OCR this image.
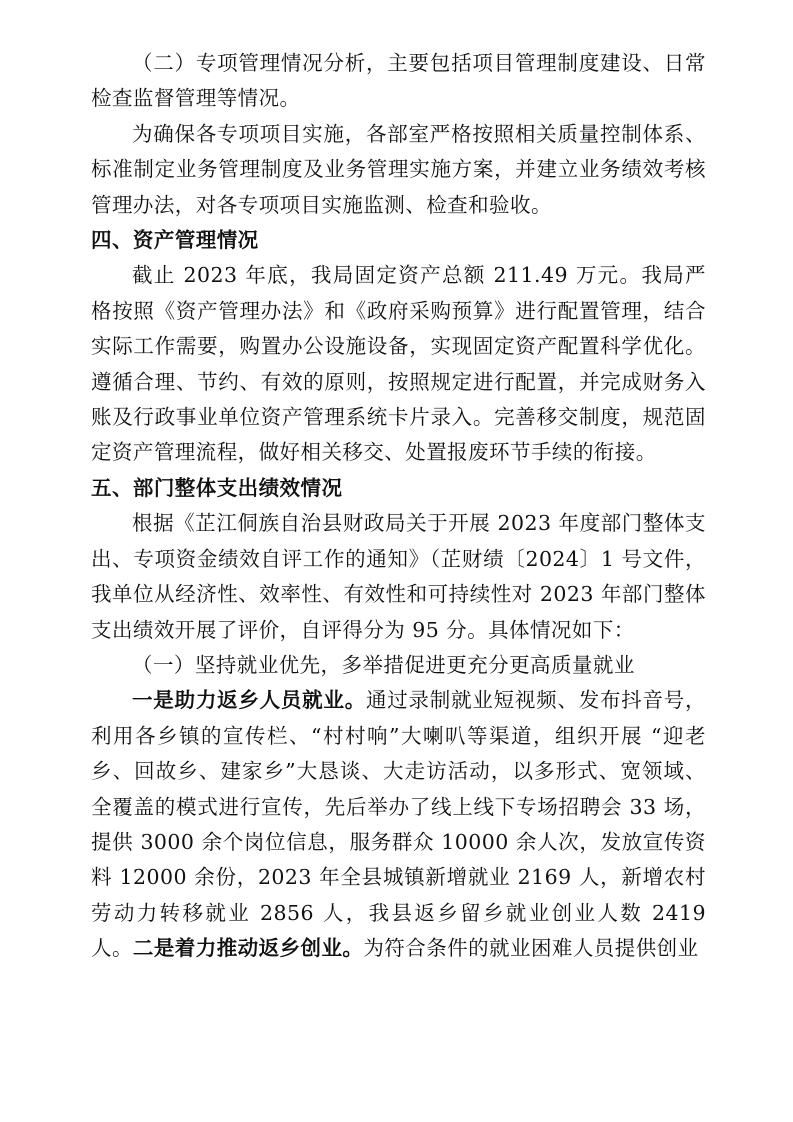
（二）专项管理情况分析，主要包括项目管理制度建设、日常检查监督管理等情况。

为确保各专项项目实施，各部室严格按照相关质量控制体系、标准制定业务管理制度及业务管理实施方案，并建立业务绩效考核管理办法，对各专项项目实施监测、检查和验收。

四、资产管理情况

截止 2023 年底，我局固定资产总额 211.49 万元。我局严格按照《资产管理办法》和《政府采购预算》进行配置管理，结合实际工作需要，购置办公设施设备，实现固定资产配置科学优化。遵循合理、节约、有效的原则，按照规定进行配置，并完成财务入账及行政事业单位资产管理系统卡片录入。完善移交制度，规范固定资产管理流程，做好相关移交、处置报废环节手续的衔接。

五、部门整体支出绩效情况

根据《芷江侗族自治县财政局关于开展 2023 年度部门整体支出、专项资金绩效自评工作的通知》（芷财绩〔2024〕1 号文件，我单位从经济性、效率性、有效性和可持续性对 2023 年部门整体支出绩效开展了评价，自评得分为 95 分。具体情况如下：

（一）坚持就业优先，多举措促进更充分更高质量就业

一是助力返乡人员就业。通过录制就业短视频、发布抖音号，利用各乡镇的宣传栏、“村村响”大喇叭等渠道，组织开展 “迎老乡、回故乡、建家乡”大恳谈、大走访活动，以多形式、宽领域、全覆盖的模式进行宣传，先后举办了线上线下专场招聘会 33 场，提供 3000 余个岗位信息，服务群众 10000 余人次，发放宣传资料 12000 余份，2023 年全县城镇新增就业 2169 人，新增农村劳动力转移就业 2856 人，我县返乡留乡就业创业人数 2419 人。二是着力推动返乡创业。为符合条件的就业困难人员提供创业
